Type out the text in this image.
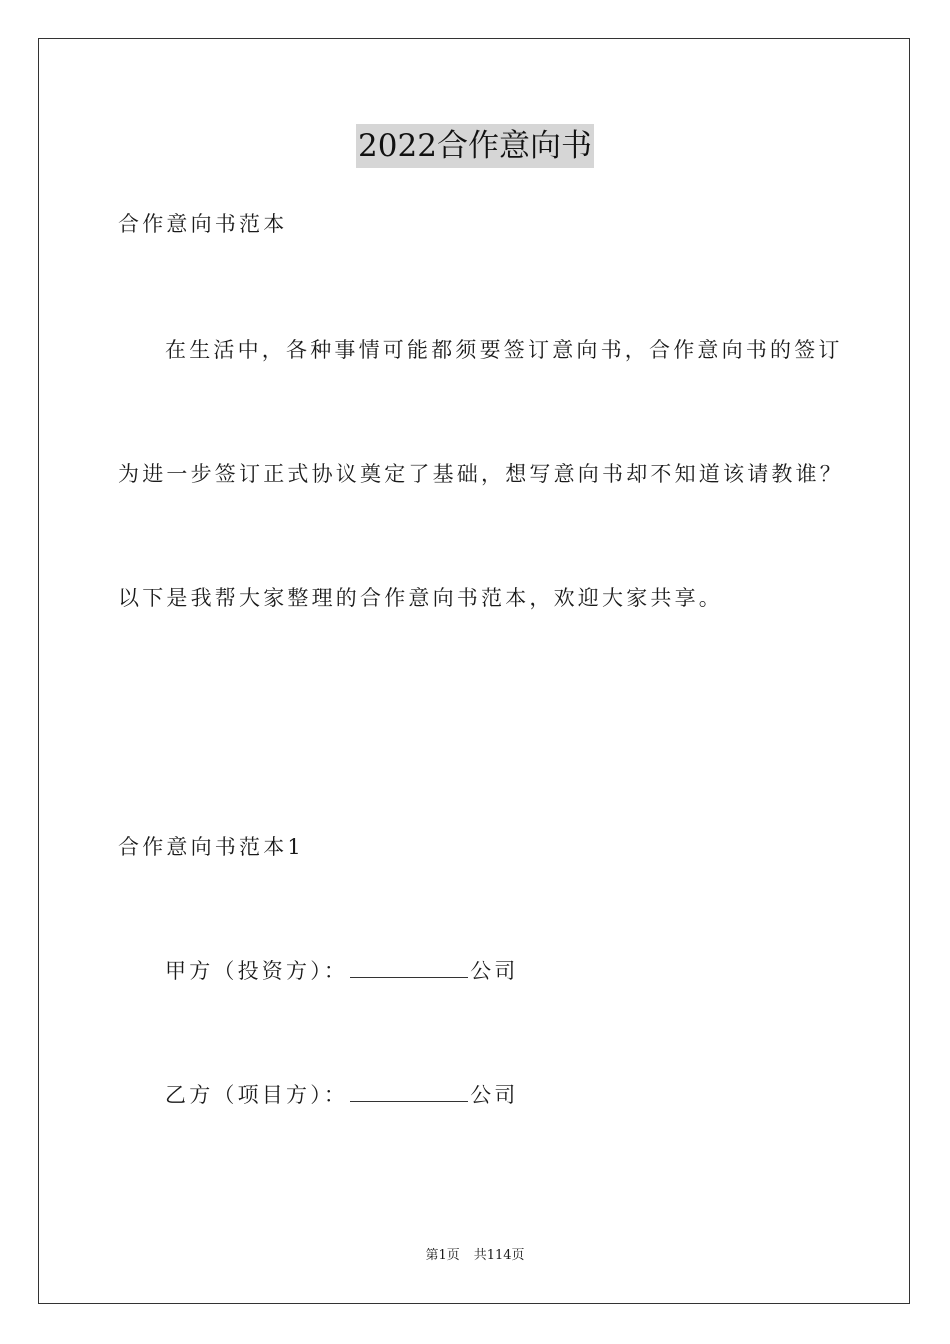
2022合作意向书
合作意向书范本
在生活中，各种事情可能都须要签订意向书，合作意向书的签订
为进一步签订正式协议奠定了基础，想写意向书却不知道该请教谁？
以下是我帮大家整理的合作意向书范本，欢迎大家共享。
合作意向书范本1
甲方（投资方）：	公司
乙方（项目方）：	公司
第1页 共114页
